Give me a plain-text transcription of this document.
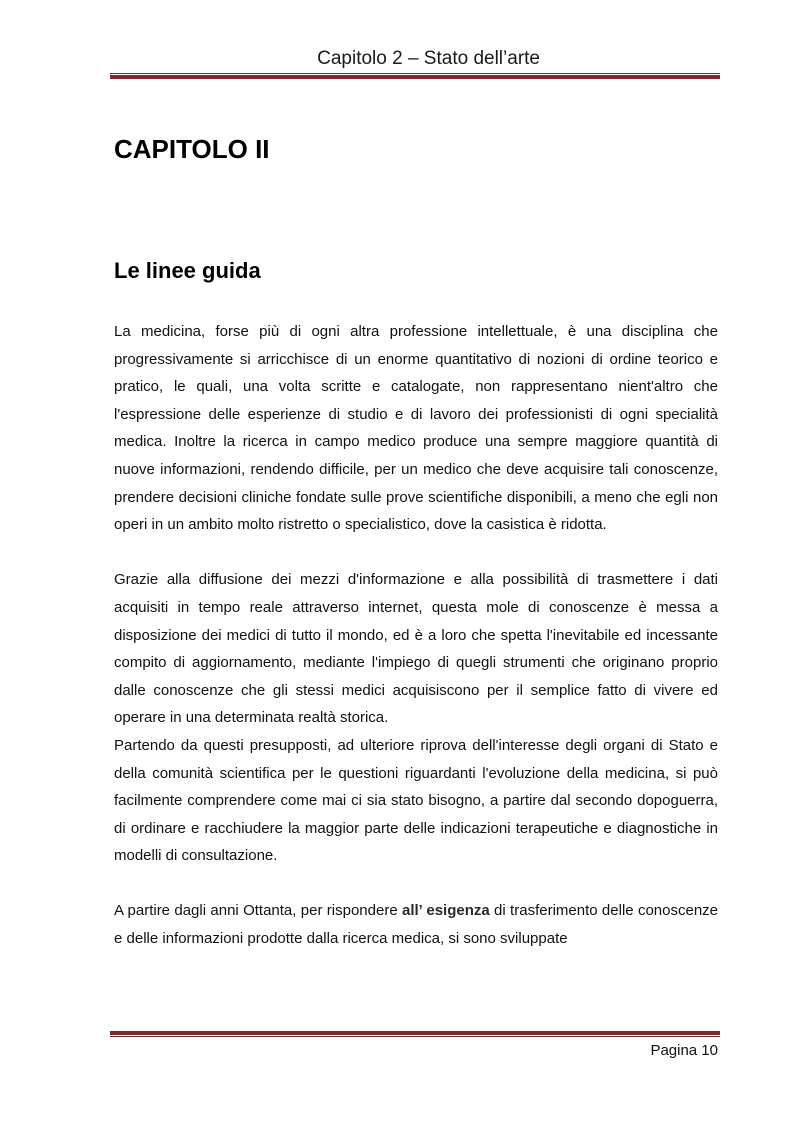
Capitolo 2 – Stato dell’arte
CAPITOLO II
Le linee guida

La medicina, forse più di ogni altra professione intellettuale, è una disciplina che progressivamente si arricchisce di un enorme quantitativo di nozioni di ordine teorico e pratico, le quali, una volta scritte e catalogate, non rappresentano nient'altro che l'espressione delle esperienze di studio e di lavoro dei professionisti di ogni specialità medica. Inoltre la ricerca in campo medico produce una sempre maggiore quantità di nuove informazioni, rendendo difficile, per un medico che deve acquisire tali conoscenze, prendere decisioni cliniche fondate sulle prove scientifiche disponibili, a meno che egli non operi in un ambito molto ristretto o specialistico, dove la casistica è ridotta.

Grazie alla diffusione dei mezzi d'informazione e alla possibilità di trasmettere i dati acquisiti in tempo reale attraverso internet, questa mole di conoscenze è messa a disposizione dei medici di tutto il mondo, ed è a loro che spetta l'inevitabile ed incessante compito di aggiornamento, mediante l'impiego di quegli strumenti che originano proprio dalle conoscenze che gli stessi medici acquisiscono per il semplice fatto di vivere ed operare in una determinata realtà storica.

Partendo da questi presupposti, ad ulteriore riprova dell'interesse degli organi di Stato e della comunità scientifica per le questioni riguardanti l'evoluzione della medicina, si può facilmente comprendere come mai ci sia stato bisogno, a partire dal secondo dopoguerra, di ordinare e racchiudere la maggior parte delle indicazioni terapeutiche e diagnostiche in modelli di consultazione.

A partire dagli anni Ottanta, per rispondere all’ esigenza di trasferimento delle conoscenze e delle informazioni prodotte dalla ricerca medica, si sono sviluppate

Pagina 10
